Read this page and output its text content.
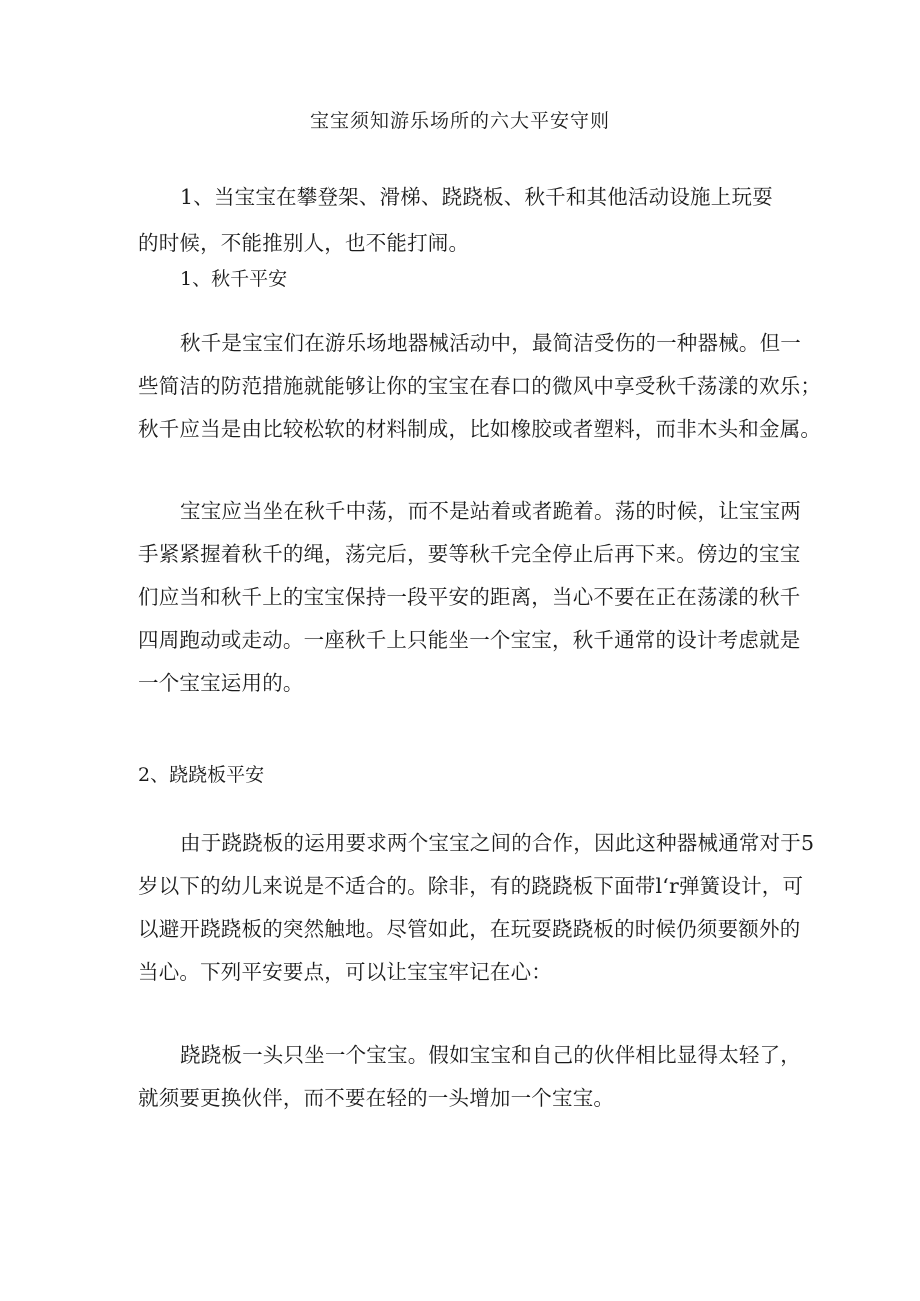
宝宝须知游乐场所的六大平安守则
1、当宝宝在攀登架、滑梯、跷跷板、秋千和其他活动设施上玩耍
的时候，不能推别人，也不能打闹。
1、秋千平安
秋千是宝宝们在游乐场地器械活动中，最简洁受伤的一种器械。但一
些简洁的防范措施就能够让你的宝宝在春口的微风中享受秋千荡漾的欢乐；
秋千应当是由比较松软的材料制成，比如橡胶或者塑料，而非木头和金属。
宝宝应当坐在秋千中荡，而不是站着或者跪着。荡的时候，让宝宝两
手紧紧握着秋千的绳，荡完后，要等秋千完全停止后再下来。傍边的宝宝
们应当和秋千上的宝宝保持一段平安的距离，当心不要在正在荡漾的秋千
四周跑动或走动。一座秋千上只能坐一个宝宝，秋千通常的设计考虑就是
一个宝宝运用的。
2、跷跷板平安
由于跷跷板的运用要求两个宝宝之间的合作，因此这种器械通常对于5
岁以下的幼儿来说是不适合的。除非，有的跷跷板下面带l‘r弹簧设计，可
以避开跷跷板的突然触地。尽管如此，在玩耍跷跷板的时候仍须要额外的
当心。下列平安要点，可以让宝宝牢记在心：
跷跷板一头只坐一个宝宝。假如宝宝和自己的伙伴相比显得太轻了，
就须要更换伙伴，而不要在轻的一头增加一个宝宝。
